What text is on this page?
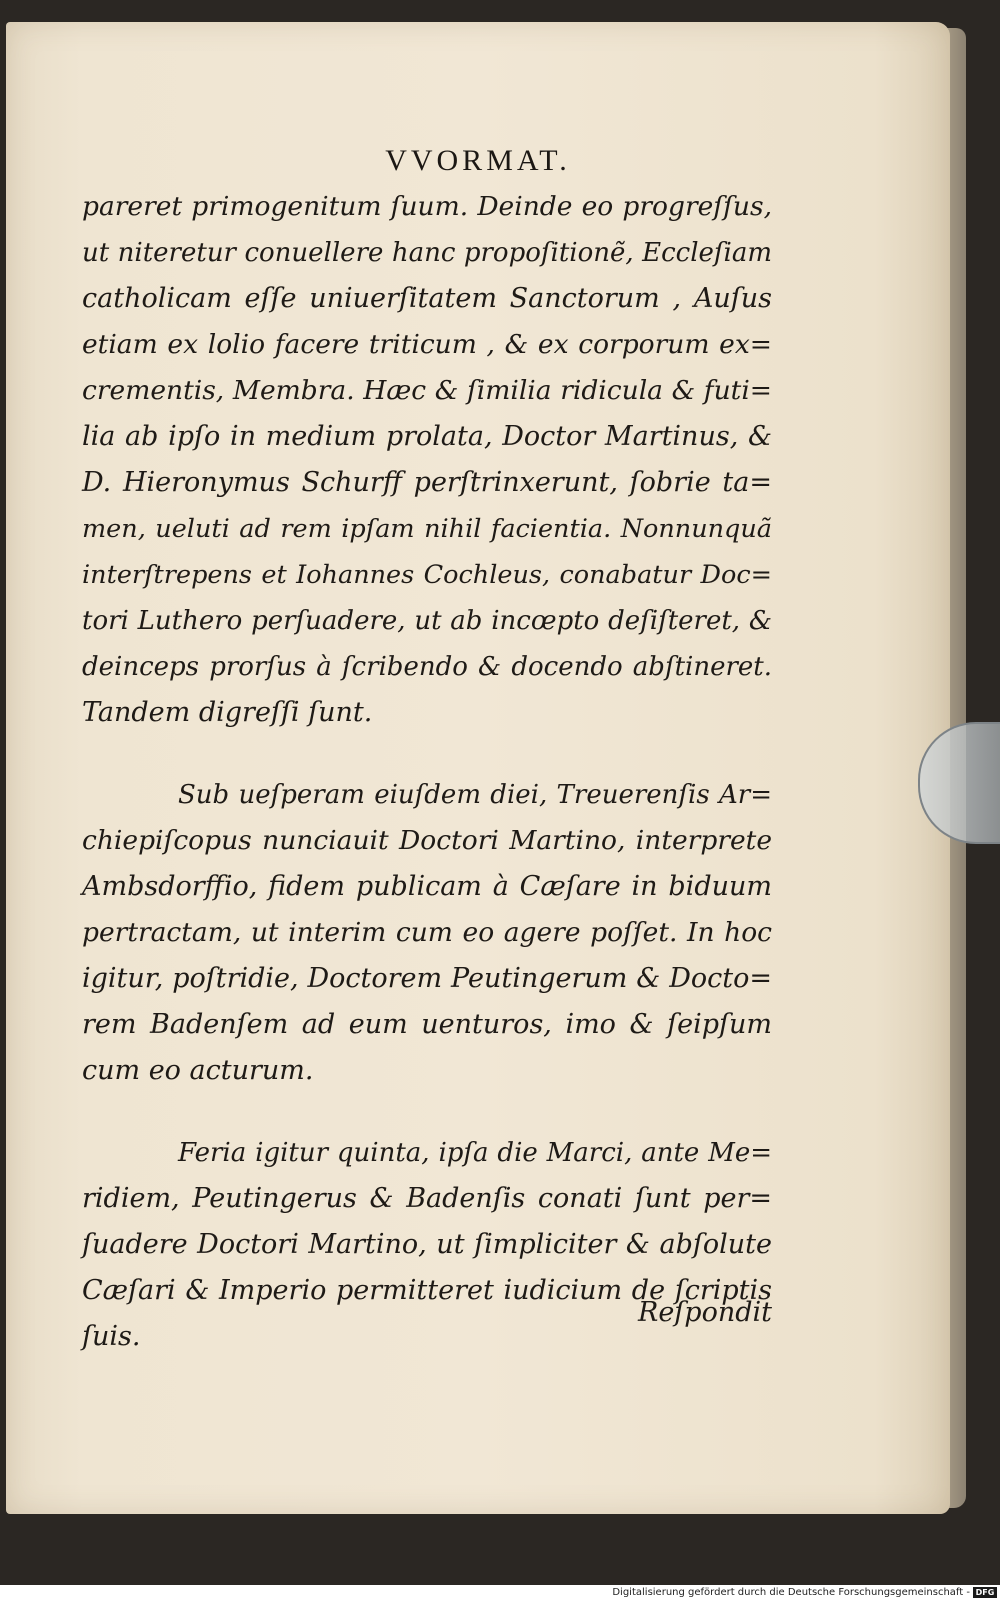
VVORMAT.

pareret primogenitum ſuum. Deinde eo progreſſus,
ut niteretur conuellere hanc propoſitionẽ, Eccleſiam
catholicam eſſe uniuerſitatem Sanctorum , Auſus
etiam ex lolio facere triticum , & ex corporum ex=
crementis, Membra. Hæc & ſimilia ridicula & futi=
lia ab ipſo in medium prolata, Doctor Martinus, &
D. Hieronymus Schurff perſtrinxerunt, ſobrie ta=
men, ueluti ad rem ipſam nihil facientia. Nonnunquã
interſtrepens et Iohannes Cochleus, conabatur Doc=
tori Luthero perſuadere, ut ab incœpto deſiſteret, &
deinceps prorſus à ſcribendo & docendo abſtineret.
Tandem digreſſi ſunt.

Sub ueſperam eiuſdem diei, Treuerenſis Ar=
chiepiſcopus nunciauit Doctori Martino, interprete
Ambsdorffio, fidem publicam à Cæſare in biduum
pertractam, ut interim cum eo agere poſſet. In hoc
igitur, poſtridie, Doctorem Peutingerum & Docto=
rem Badenſem ad eum uenturos, imo & ſeipſum
cum eo acturum.

Feria igitur quinta, ipſa die Marci, ante Me=
ridiem, Peutingerus & Badenſis conati ſunt per=
ſuadere Doctori Martino, ut ſimpliciter & abſolute
Cæſari & Imperio permitteret iudicium de ſcriptis
ſuis.

Reſpondit
Digitalisierung gefördert durch die Deutsche Forschungsgemeinschaft - DFG
